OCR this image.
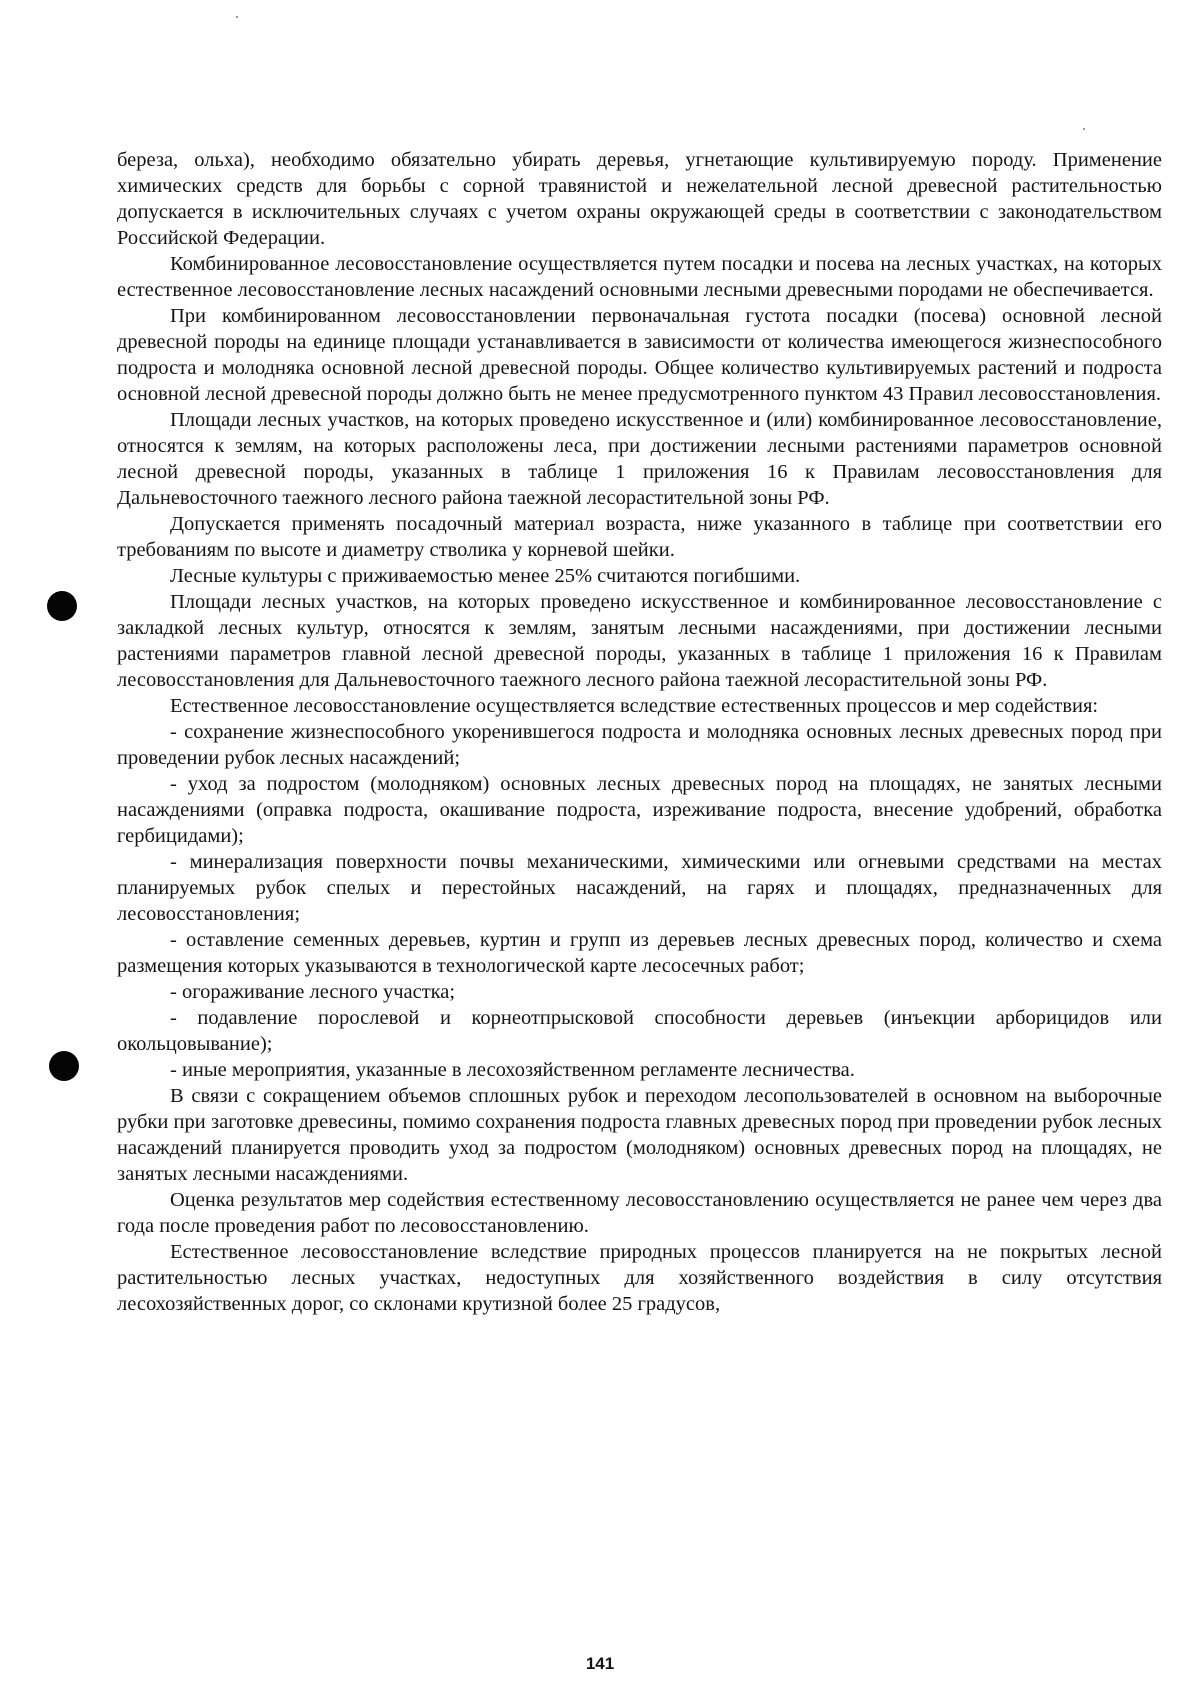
береза, ольха), необходимо обязательно убирать деревья, угнетающие культивируемую породу. Применение химических средств для борьбы с сорной травянистой и нежелательной лесной древесной растительностью допускается в исключительных случаях с учетом охраны окружающей среды в соответствии с законодательством Российской Федерации.

Комбинированное лесовосстановление осуществляется путем посадки и посева на лесных участках, на которых естественное лесовосстановление лесных насаждений основными лесными древесными породами не обеспечивается.

При комбинированном лесовосстановлении первоначальная густота посадки (посева) основной лесной древесной породы на единице площади устанавливается в зависимости от количества имеющегося жизнеспособного подроста и молодняка основной лесной древесной породы. Общее количество культивируемых растений и подроста основной лесной древесной породы должно быть не менее предусмотренного пунктом 43 Правил лесовосстановления.

Площади лесных участков, на которых проведено искусственное и (или) комбинированное лесовосстановление, относятся к землям, на которых расположены леса, при достижении лесными растениями параметров основной лесной древесной породы, указанных в таблице 1 приложения 16 к Правилам лесовосстановления для Дальневосточного таежного лесного района таежной лесорастительной зоны РФ.

Допускается применять посадочный материал возраста, ниже указанного в таблице при соответствии его требованиям по высоте и диаметру стволика у корневой шейки.

Лесные культуры с приживаемостью менее 25% считаются погибшими.

Площади лесных участков, на которых проведено искусственное и комбинированное лесовосстановление с закладкой лесных культур, относятся к землям, занятым лесными насаждениями, при достижении лесными растениями параметров главной лесной древесной породы, указанных в таблице 1 приложения 16 к Правилам лесовосстановления для Дальневосточного таежного лесного района таежной лесорастительной зоны РФ.

Естественное лесовосстановление осуществляется вследствие естественных процессов и мер содействия:

- сохранение жизнеспособного укоренившегося подроста и молодняка основных лесных древесных пород при проведении рубок лесных насаждений;

- уход за подростом (молодняком) основных лесных древесных пород на площадях, не занятых лесными насаждениями (оправка подроста, окашивание подроста, изреживание подроста, внесение удобрений, обработка гербицидами);

- минерализация поверхности почвы механическими, химическими или огневыми средствами на местах планируемых рубок спелых и перестойных насаждений, на гарях и площадях, предназначенных для лесовосстановления;

- оставление семенных деревьев, куртин и групп из деревьев лесных древесных пород, количество и схема размещения которых указываются в технологической карте лесосечных работ;

- огораживание лесного участка;

- подавление порослевой и корнеотпрысковой способности деревьев (инъекции арборицидов или окольцовывание);

- иные мероприятия, указанные в лесохозяйственном регламенте лесничества.

В связи с сокращением объемов сплошных рубок и переходом лесопользователей в основном на выборочные рубки при заготовке древесины, помимо сохранения подроста главных древесных пород при проведении рубок лесных насаждений планируется проводить уход за подростом (молодняком) основных древесных пород на площадях, не занятых лесными насаждениями.

Оценка результатов мер содействия естественному лесовосстановлению осуществляется не ранее чем через два года после проведения работ по лесовосстановлению.

Естественное лесовосстановление вследствие природных процессов планируется на не покрытых лесной растительностью лесных участках, недоступных для хозяйственного воздействия в силу отсутствия лесохозяйственных дорог, со склонами крутизной более 25 градусов,

141
